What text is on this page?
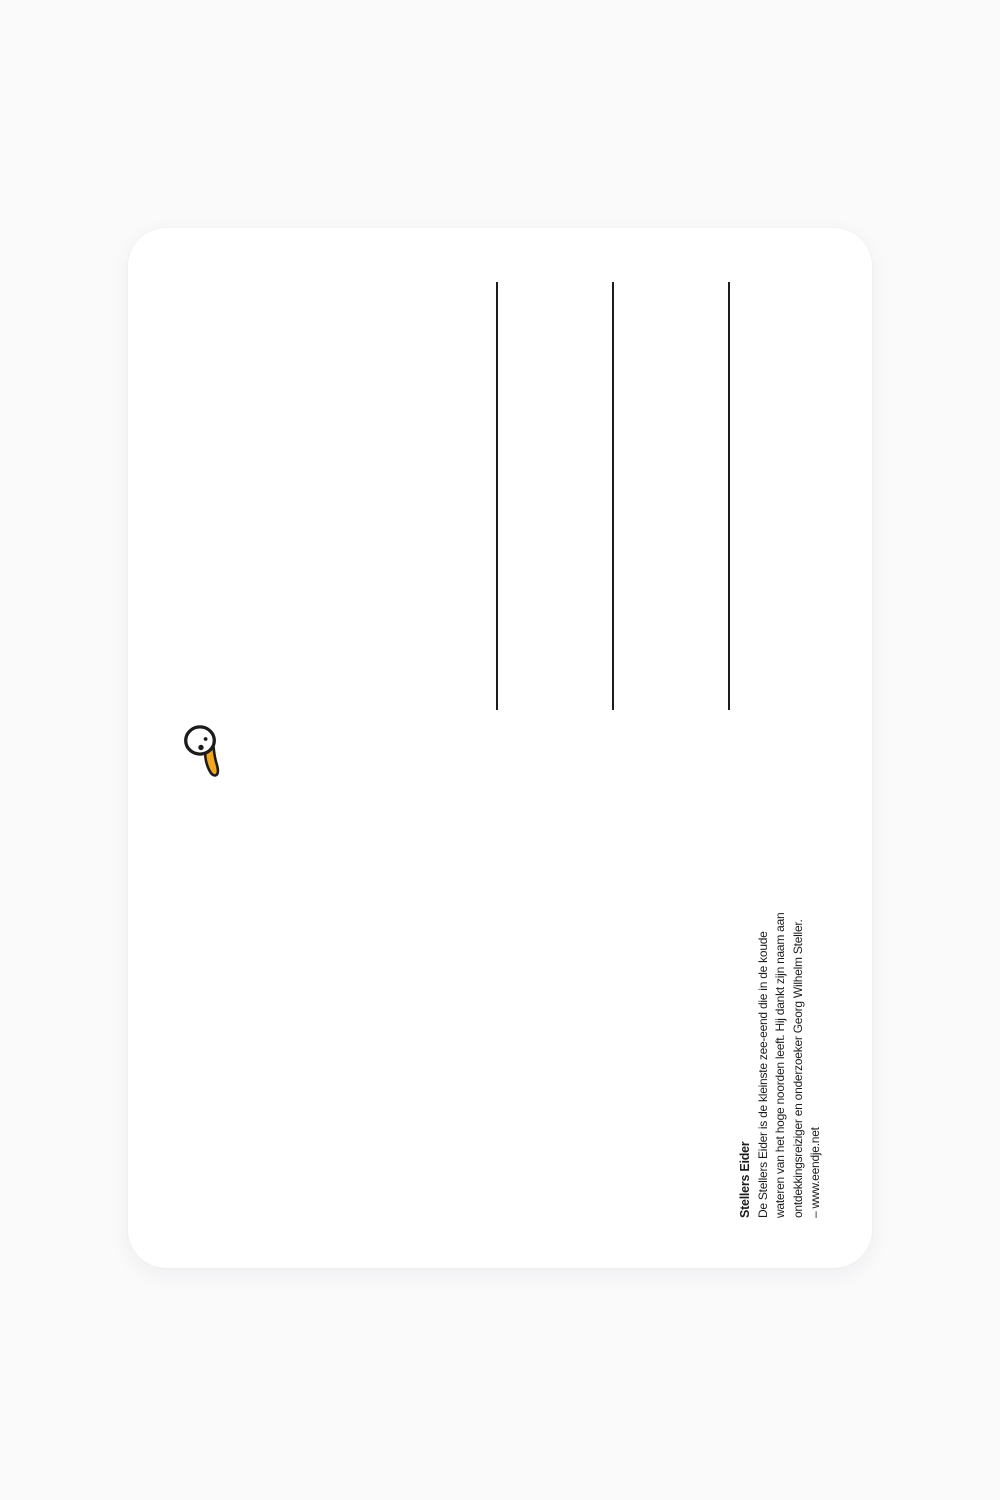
Stellers Eider De Stellers Eider is de kleinste zee-eend die in de koude wateren van het hoge noorden leeft. Hij dankt zijn naam aan ontdekkingsreiziger en onderzoeker Georg Wilhelm Steller. – www.eendje.net
